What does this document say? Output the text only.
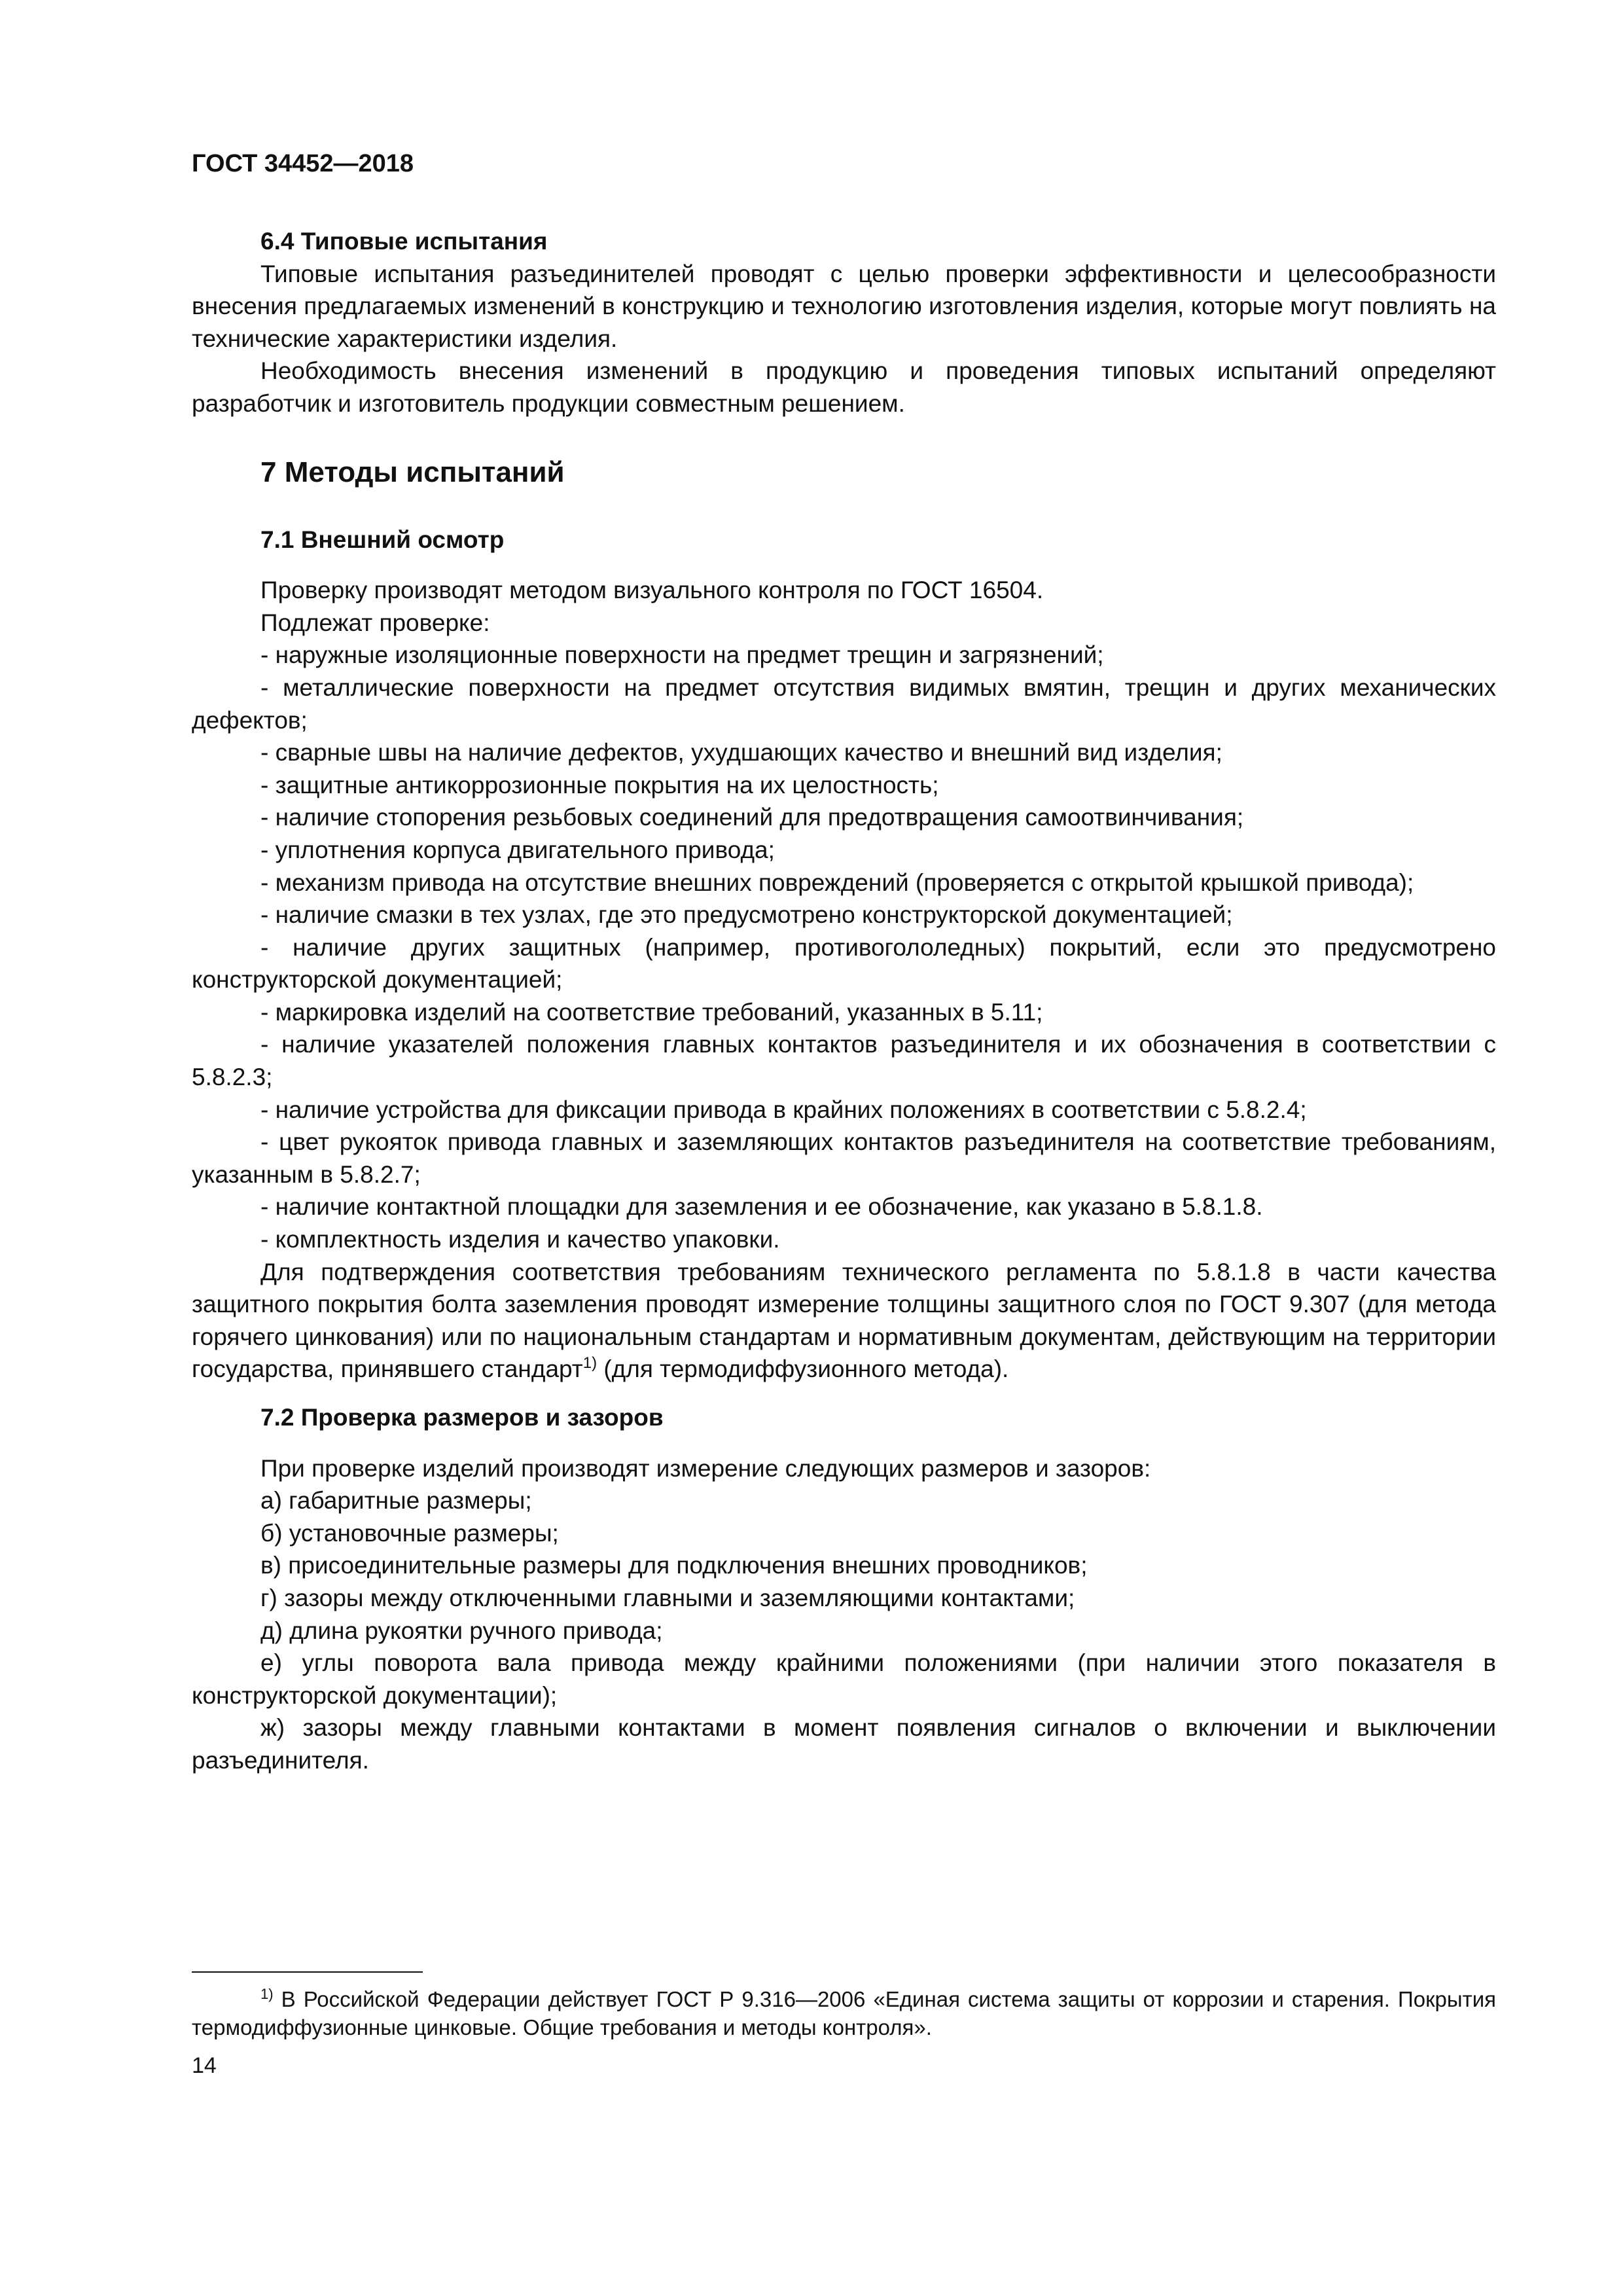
ГОСТ 34452—2018

6.4 Типовые испытания

Типовые испытания разъединителей проводят с целью проверки эффективности и целесообразности внесения предлагаемых изменений в конструкцию и технологию изготовления изделия, которые могут повлиять на технические характеристики изделия.

Необходимость внесения изменений в продукцию и проведения типовых испытаний определяют разработчик и изготовитель продукции совместным решением.

7 Методы испытаний

7.1 Внешний осмотр

Проверку производят методом визуального контроля по ГОСТ 16504.

Подлежат проверке:

- наружные изоляционные поверхности на предмет трещин и загрязнений;

- металлические поверхности на предмет отсутствия видимых вмятин, трещин и других механических дефектов;

- сварные швы на наличие дефектов, ухудшающих качество и внешний вид изделия;

- защитные антикоррозионные покрытия на их целостность;

- наличие стопорения резьбовых соединений для предотвращения самоотвинчивания;

- уплотнения корпуса двигательного привода;

- механизм привода на отсутствие внешних повреждений (проверяется с открытой крышкой привода);

- наличие смазки в тех узлах, где это предусмотрено конструкторской документацией;

- наличие других защитных (например, противогололедных) покрытий, если это предусмотрено конструкторской документацией;

- маркировка изделий на соответствие требований, указанных в 5.11;

- наличие указателей положения главных контактов разъединителя и их обозначения в соответствии с 5.8.2.3;

- наличие устройства для фиксации привода в крайних положениях в соответствии с 5.8.2.4;

- цвет рукояток привода главных и заземляющих контактов разъединителя на соответствие требованиям, указанным в 5.8.2.7;

- наличие контактной площадки для заземления и ее обозначение, как указано в 5.8.1.8.

- комплектность изделия и качество упаковки.

Для подтверждения соответствия требованиям технического регламента по 5.8.1.8 в части качества защитного покрытия болта заземления проводят измерение толщины защитного слоя по ГОСТ 9.307 (для метода горячего цинкования) или по национальным стандартам и нормативным документам, действующим на территории государства, принявшего стандарт$^{1)}$ (для термодиффузионного метода).

7.2 Проверка размеров и зазоров

При проверке изделий производят измерение следующих размеров и зазоров:

а) габаритные размеры;

б) установочные размеры;

в) присоединительные размеры для подключения внешних проводников;

г) зазоры между отключенными главными и заземляющими контактами;

д) длина рукоятки ручного привода;

е) углы поворота вала привода между крайними положениями (при наличии этого показателя в конструкторской документации);

ж) зазоры между главными контактами в момент появления сигналов о включении и выключении разъединителя.

$^{1)}$ В Российской Федерации действует ГОСТ Р 9.316—2006 «Единая система защиты от коррозии и старения. Покрытия термодиффузионные цинковые. Общие требования и методы контроля».

14
